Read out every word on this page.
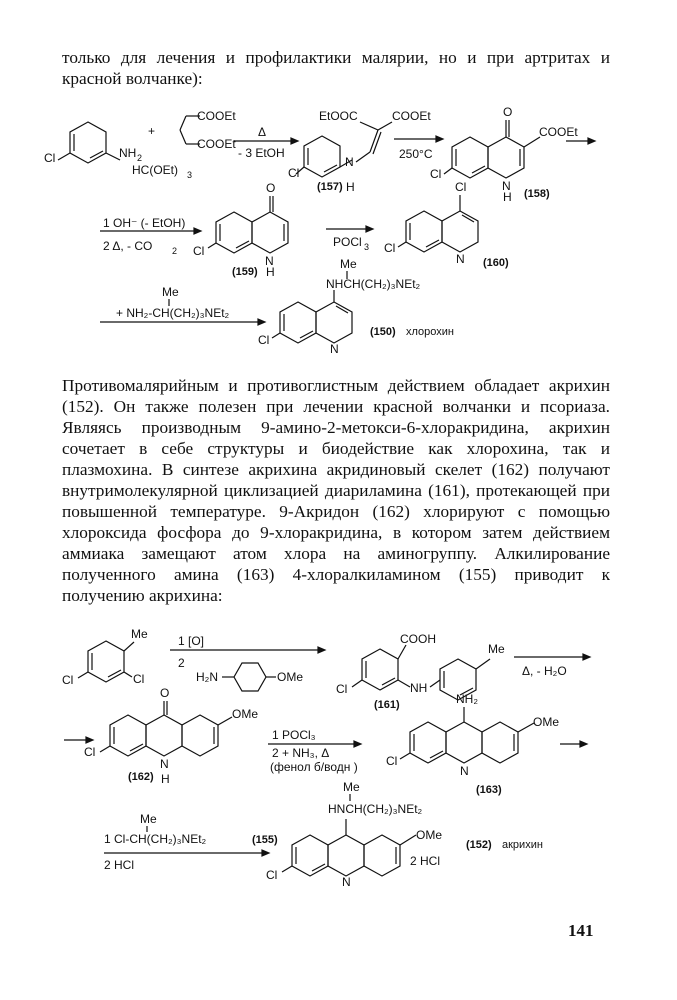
только для лечения и профилактики малярии, но и при артритах и красной волчанке):

NH 2
Cl
+
COOEt
COOEt
HC(OEt) 3
Δ
- 3 EtOH
EtOOC	COOEt
N
H
Cl
(157)
250°C
O
COOEt
N
H
Cl
(158)
1 OH⁻ (- EtOH)
2 Δ, - CO 2
O
N
H
Cl
(159)
POCl 3
Cl
N
Cl
(160)
Me
+ NH₂-CH(CH₂)₃NEt₂
Me
NHCH(CH₂)₃NEt₂
N
Cl
(150) хлорохин

Противомалярийным и противоглистным действием обладает акрихин (152). Он также полезен при лечении красной волчанки и псориаза. Являясь производным 9-амино-2-метокси-6-хлоракридина, акрихин сочетает в себе структуры и биодействие как хлорохина, так и плазмохина. В синтезе акрихина акридиновый скелет (162) получают внутримолекулярной циклизацией диариламина (161), протекающей при повышенной температуре. 9-Акридон (162) хлорируют с помощью хлороксида фосфора до 9-хлоракридина, в котором затем действием аммиака замещают атом хлора на аминогруппу. Алкилирование полученного амина (163) 4-хлоралкиламином (155) приводит к получению акрихина:

Me
Cl
Cl
1 [O]
2
H₂N	OMe
COOH
NH
Me
Cl
(161)
Δ, - H₂O
O
OMe
N
H
Cl
(162)
1 POCl₃
2 + NH₃, Δ
(фенол б/водн )
NH₂
OMe
N
Cl
(163)
Me
1 Cl-CH(CH₂)₃NEt₂	(155)
2 HCl
Me
HNCH(CH₂)₃NEt₂
OMe
2 HCl
N
Cl
(152) акрихин
141
